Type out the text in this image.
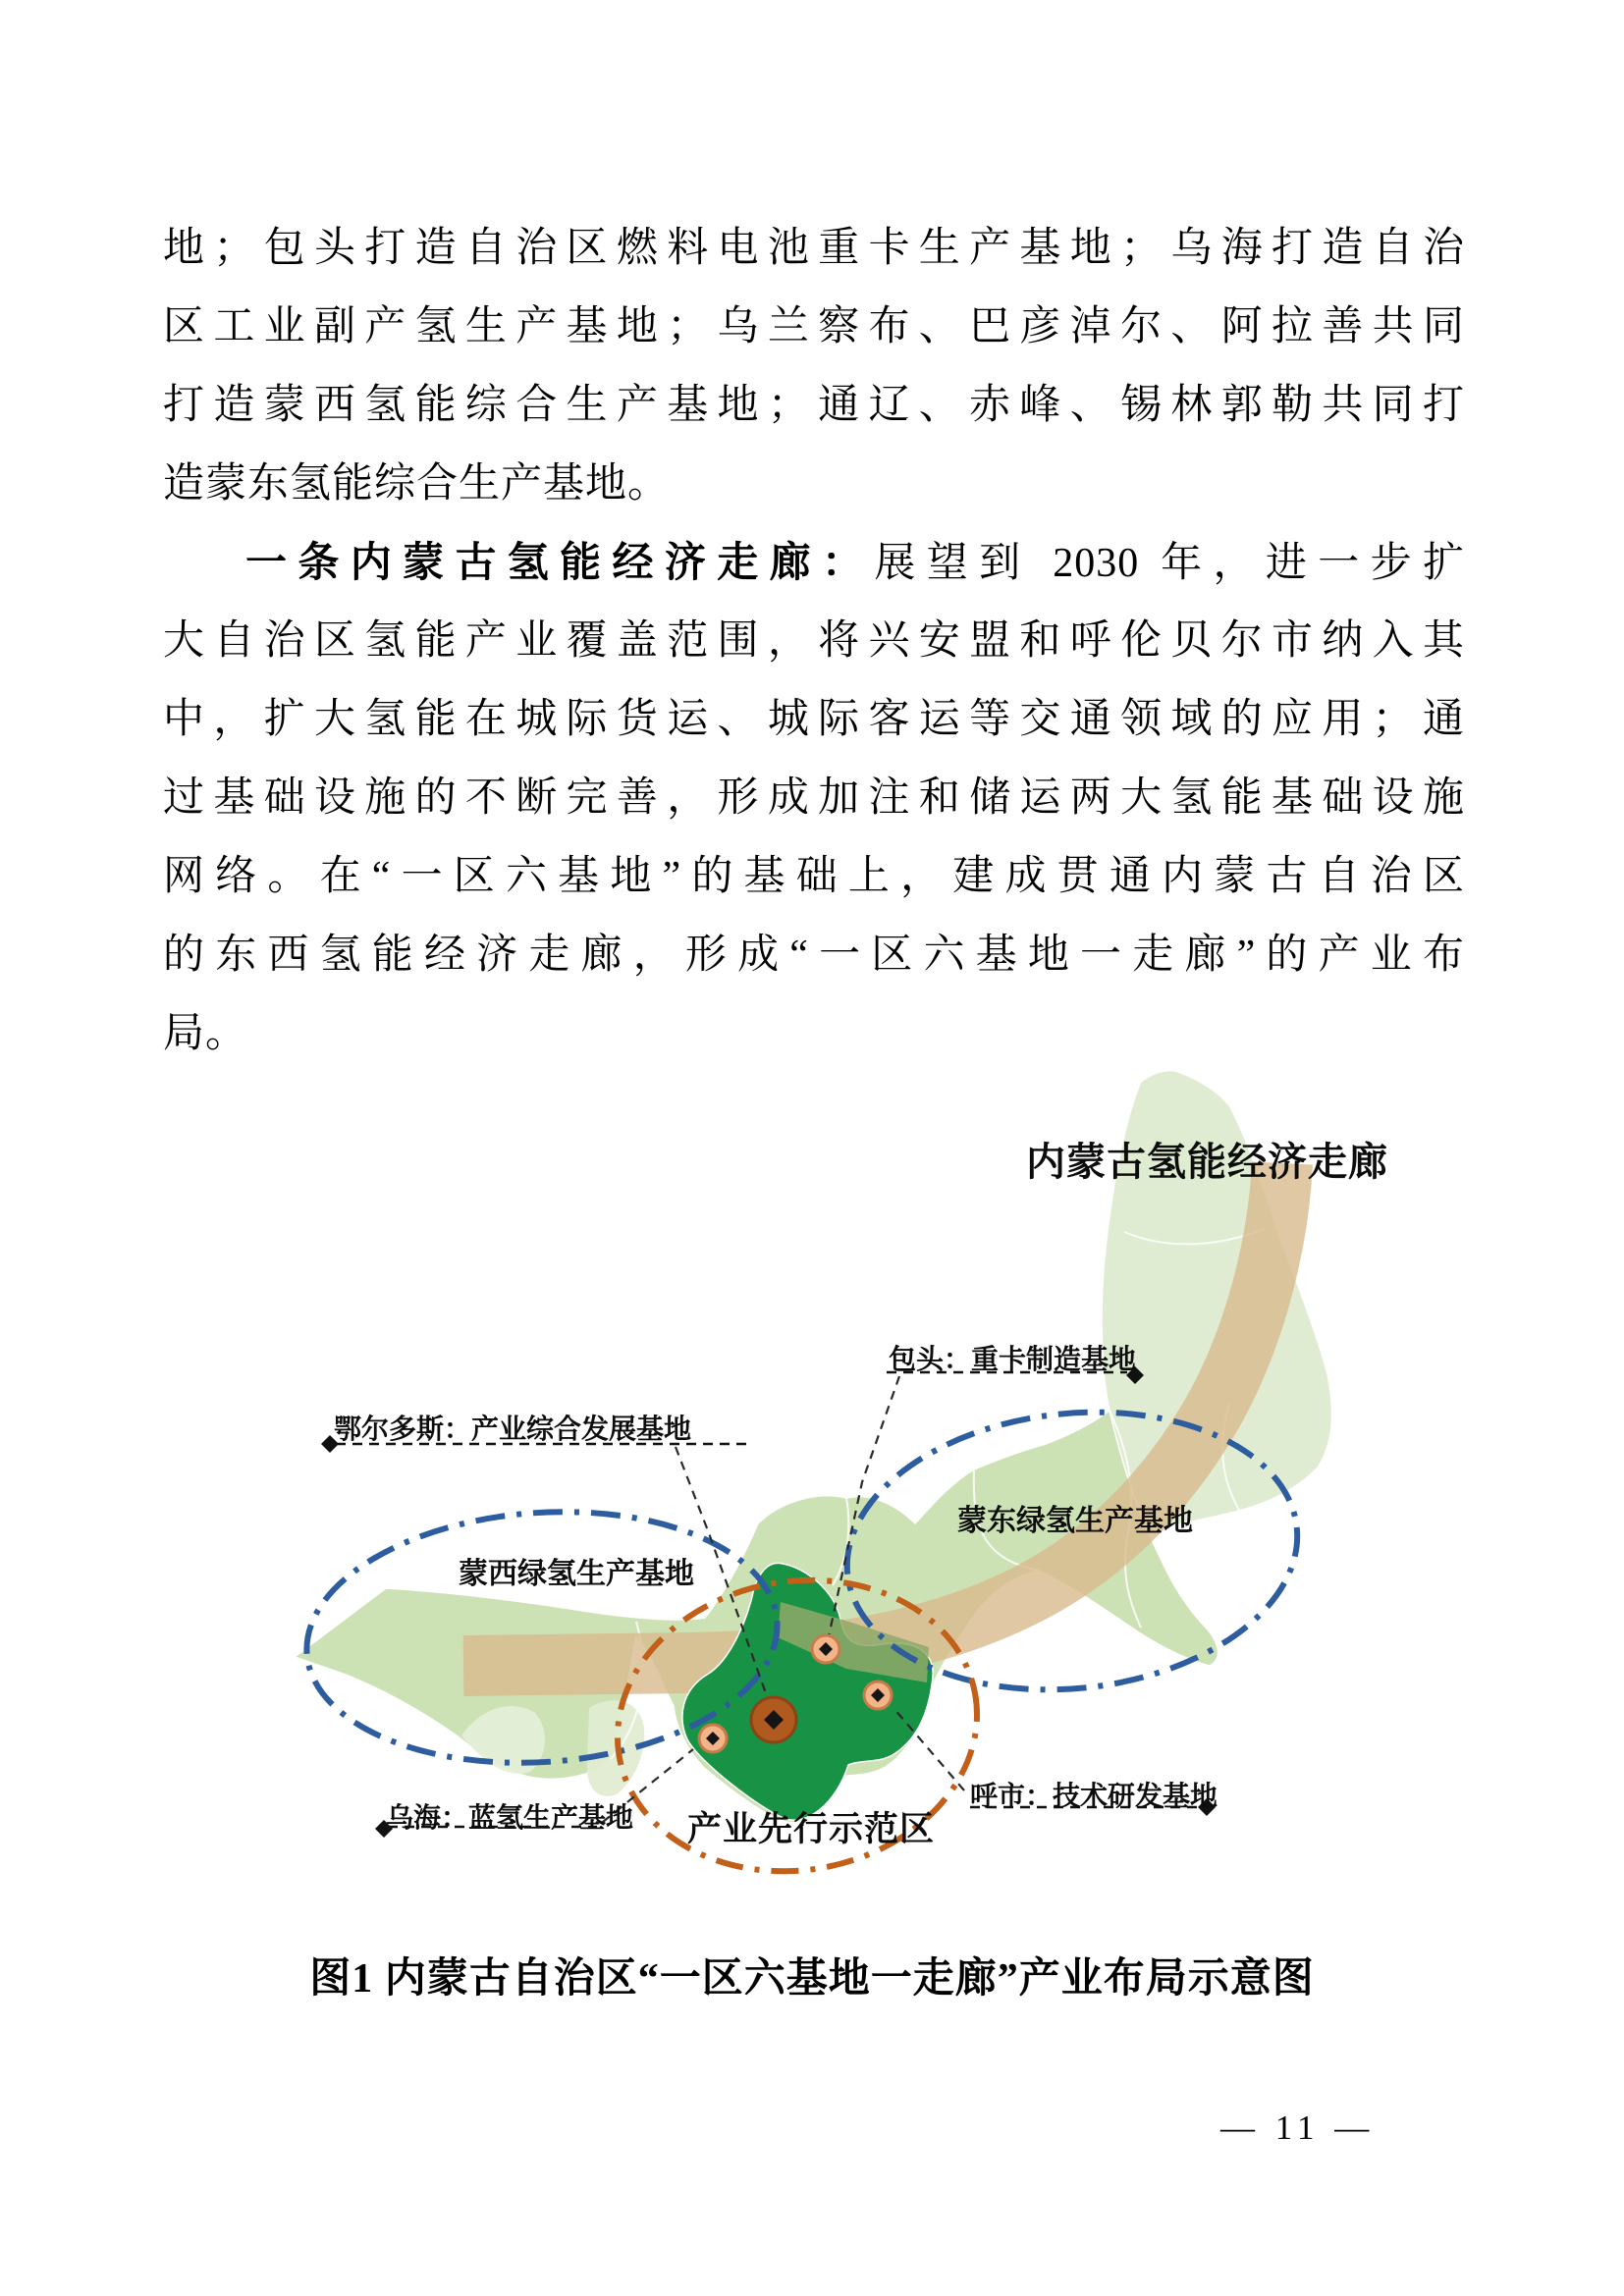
地；包头打造自治区燃料电池重卡生产基地；乌海打造自治
区工业副产氢生产基地；乌兰察布、巴彦淖尔、阿拉善共同
打造蒙西氢能综合生产基地；通辽、赤峰、锡林郭勒共同打
造蒙东氢能综合生产基地。
一条内蒙古氢能经济走廊：展望到 2030 年，进一步扩
大自治区氢能产业覆盖范围，将兴安盟和呼伦贝尔市纳入其
中，扩大氢能在城际货运、城际客运等交通领域的应用；通
过基础设施的不断完善，形成加注和储运两大氢能基础设施
网络。在“一区六基地”的基础上，建成贯通内蒙古自治区
的东西氢能经济走廊，形成“一区六基地一走廊”的产业布
局。
内蒙古氢能经济走廊
包头：重卡制造基地
鄂尔多斯：产业综合发展基地
蒙东绿氢生产基地
蒙西绿氢生产基地
乌海：蓝氢生产基地
呼市：技术研发基地
产业先行示范区
图1 内蒙古自治区“一区六基地一走廊”产业布局示意图
— 11 —
